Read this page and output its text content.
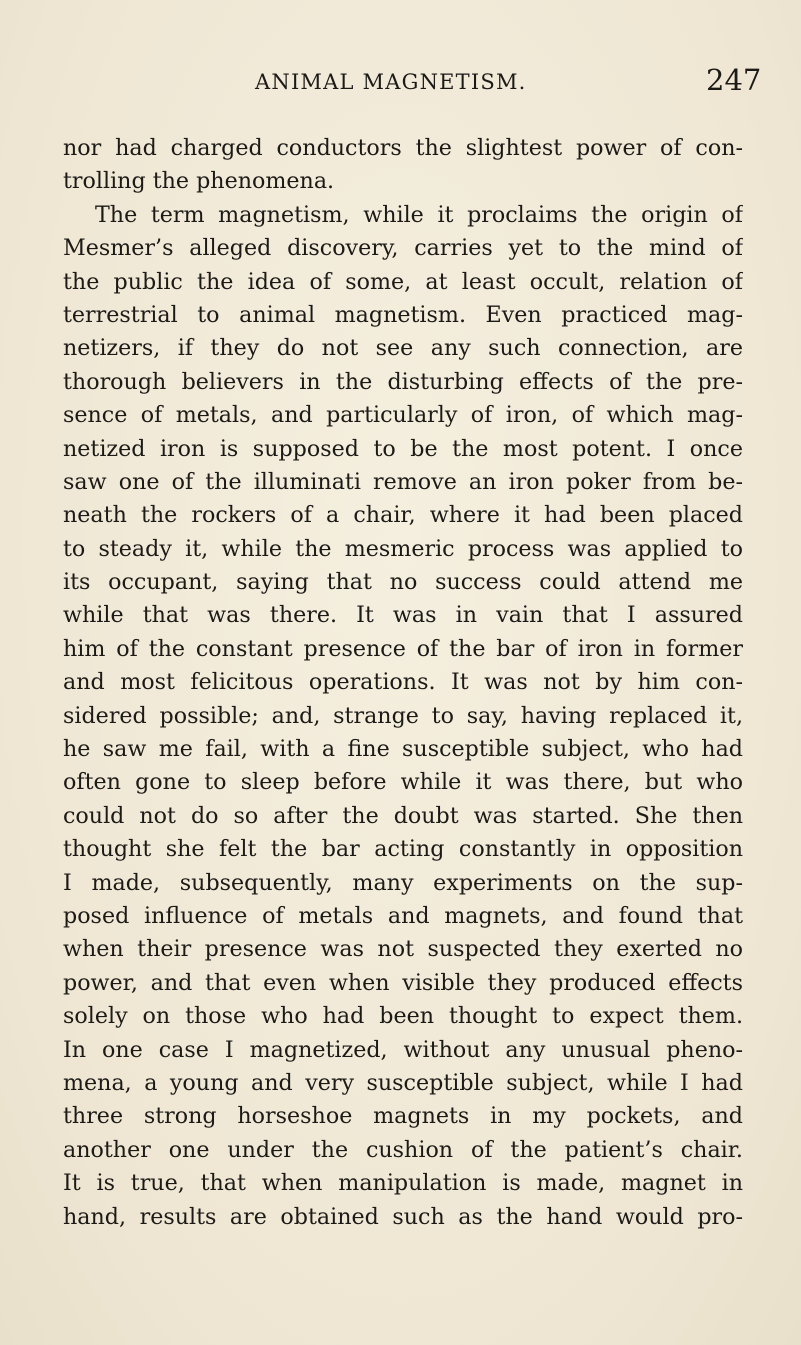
ANIMAL MAGNETISM.	247
nor had charged conductors the slightest power of con-
trolling the phenomena.
The term magnetism, while it proclaims the origin of
Mesmer’s alleged discovery, carries yet to the mind of
the public the idea of some, at least occult, relation of
terrestrial to animal magnetism. Even practiced mag-
netizers, if they do not see any such connection, are
thorough believers in the disturbing effects of the pre-
sence of metals, and particularly of iron, of which mag-
netized iron is supposed to be the most potent. I once
saw one of the illuminati remove an iron poker from be-
neath the rockers of a chair, where it had been placed
to steady it, while the mesmeric process was applied to
its occupant, saying that no success could attend me
while that was there. It was in vain that I assured
him of the constant presence of the bar of iron in former
and most felicitous operations. It was not by him con-
sidered possible; and, strange to say, having replaced it,
he saw me fail, with a fine susceptible subject, who had
often gone to sleep before while it was there, but who
could not do so after the doubt was started. She then
thought she felt the bar acting constantly in opposition
I made, subsequently, many experiments on the sup-
posed influence of metals and magnets, and found that
when their presence was not suspected they exerted no
power, and that even when visible they produced effects
solely on those who had been thought to expect them.
In one case I magnetized, without any unusual pheno-
mena, a young and very susceptible subject, while I had
three strong horseshoe magnets in my pockets, and
another one under the cushion of the patient’s chair.
It is true, that when manipulation is made, magnet in
hand, results are obtained such as the hand would pro-
